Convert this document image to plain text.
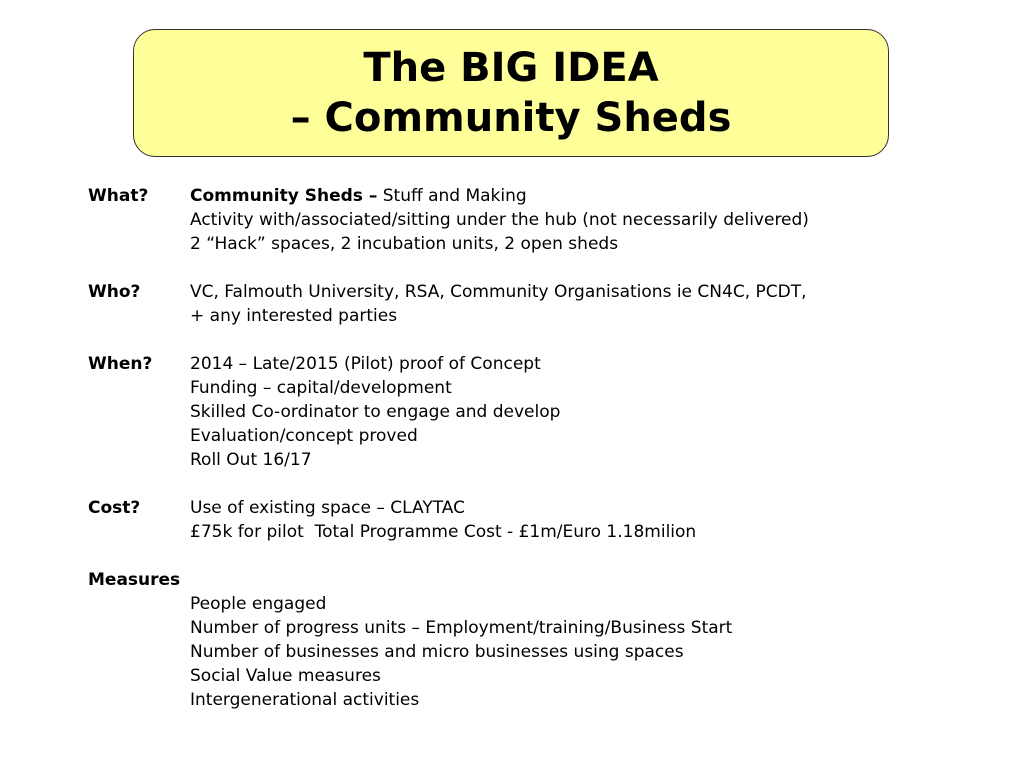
The BIG IDEA
– Community Sheds
What? Community Sheds – Stuff and Making
Activity with/associated/sitting under the hub (not necessarily delivered)
2 “Hack” spaces, 2 incubation units, 2 open sheds
Who?	VC, Falmouth University, RSA, Community Organisations ie CN4C, PCDT,
+ any interested parties
When? 2014 – Late/2015 (Pilot) proof of Concept
Funding – capital/development
Skilled Co-ordinator to engage and develop
Evaluation/concept proved
Roll Out 16/17
Cost?	Use of existing space – CLAYTAC
£75k for pilot  Total Programme Cost - £1m/Euro 1.18milion
Measures
People engaged
Number of progress units – Employment/training/Business Start
Number of businesses and micro businesses using spaces
Social Value measures
Intergenerational activities
